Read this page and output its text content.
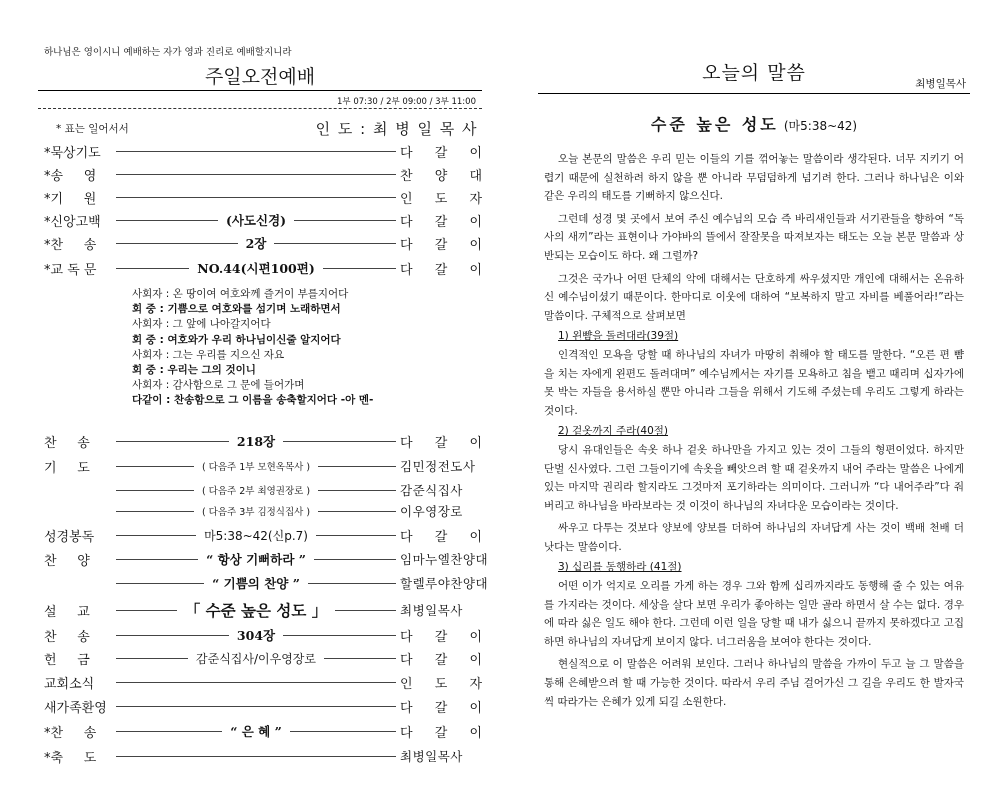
하나님은 영이시니 예배하는 자가 영과 진리로 예배할지니라
주일오전예배
1부 07:30 / 2부 09:00 / 3부 11:00
* 표는 일어서서	인 도 : 최 병 일 목 사
*묵상기도	다 갈 이
*송     영	찬 양 대
*기     원	인 도 자
*신앙고백	(사도신경)	다 갈 이
*찬     송	2장	다 갈 이
*교 독 문	NO.44(시편100편)	다 갈 이
사회자 : 온 땅이여 여호와께 즐거이 부를지어다
회 중 : 기쁨으로 여호와를 섬기며 노래하면서
사회자 : 그 앞에 나아갈지어다
회 중 : 여호와가 우리 하나님이신줄 알지어다
사회자 : 그는 우리를 지으신 자요
회 중 : 우리는 그의 것이니
사회자 : 감사함으로 그 문에 들어가며
다같이 : 찬송함으로 그 이름을 송축할지어다 -아 멘-
찬     송	218장	다 갈 이
기     도	( 다음주 1부 모현옥목사 )	김민정전도사
( 다음주 2부 최영권장로 )	감준식집사
( 다음주 3부 김정식집사 )	이우영장로
성경봉독	마5:38~42(신p.7)	다 갈 이
찬     양	“ 항상 기뻐하라 ”	임마누엘찬양대
“ 기쁨의 찬양 ”	할렐루야찬양대
설     교	「 수준 높은 성도 」	최병일목사
찬     송	304장	다 갈 이
헌     금	감준식집사/이우영장로	다 갈 이
교회소식	인 도 자
새가족환영	다 갈 이
*찬     송	“ 은 혜 ”	다 갈 이
*축     도	최병일목사
오늘의 말씀	최병일목사
수준 높은 성도 (마5:38~42)

오늘 본문의 말씀은 우리 믿는 이들의 기를 꺾어놓는 말씀이라 생각된다. 너무 지키기 어렵기 때문에 실천하려 하지 않을 뿐 아니라 무덤덤하게 넘기려 한다. 그러나 하나님은 이와 같은 우리의 태도를 기뻐하지 않으신다.

그런데 성경 몇 곳에서 보여 주신 예수님의 모습 즉 바리새인들과 서기관들을 향하여 “독사의 새끼”라는 표현이나 가야바의 뜰에서 잘잘못을 따져보자는 태도는 오늘 본문 말씀과 상반되는 모습이도 하다. 왜 그럴까?

그것은 국가나 어떤 단체의 악에 대해서는 단호하게 싸우셨지만 개인에 대해서는 온유하신 예수님이셨기 때문이다. 한마디로 이웃에 대하여 “보복하지 말고 자비를 베풀어라!”라는 말씀이다. 구체적으로 살펴보면

1) 왼뺨을 돌려대라(39절)

인격적인 모욕을 당할 때 하나님의 자녀가 마땅히 취해야 할 태도를 말한다. “오른 편 뺨을 치는 자에게 왼편도 돌려대며” 예수님께서는 자기를 모욕하고 침을 뱉고 때리며 십자가에 못 박는 자들을 용서하실 뿐만 아니라 그들을 위해서 기도해 주셨는데 우리도 그렇게 하라는 것이다.

2) 겉옷까지 주라(40절)

당시 유대인들은 속옷 하나 겉옷 하나만을 가지고 있는 것이 그들의 형편이었다. 하지만 단벌 신사였다. 그런 그들이기에 속옷을 빼앗으려 할 때 겉옷까지 내어 주라는 말씀은 나에게 있는 마지막 권리라 할지라도 그것마저 포기하라는 의미이다. 그러니까 “다 내어주라”다 줘버리고 하나님을 바라보라는 것 이것이 하나님의 자녀다운 모습이라는 것이다.

싸우고 다투는 것보다 양보에 양보를 더하여 하나님의 자녀답게 사는 것이 백배 천배 더 낫다는 말씀이다.

3) 십리를 동행하라 (41절)

어떤 이가 억지로 오리를 가게 하는 경우 그와 함께 십리까지라도 동행해 줄 수 있는 여유를 가지라는 것이다. 세상을 살다 보면 우리가 좋아하는 일만 골라 하면서 살 수는 없다. 경우에 따라 싫은 일도 해야 한다. 그런데 이런 일을 당할 때 내가 싫으니 끝까지 못하겠다고 고집하면 하나님의 자녀답게 보이지 않다. 너그러움을 보여야 한다는 것이다.

현실적으로 이 말씀은 어려워 보인다. 그러나 하나님의 말씀을 가까이 두고 늘 그 말씀을 통해 은혜받으려 할 때 가능한 것이다. 따라서 우리 주님 걸어가신 그 길을 우리도 한 발자국씩 따라가는 은혜가 있게 되길 소원한다.
